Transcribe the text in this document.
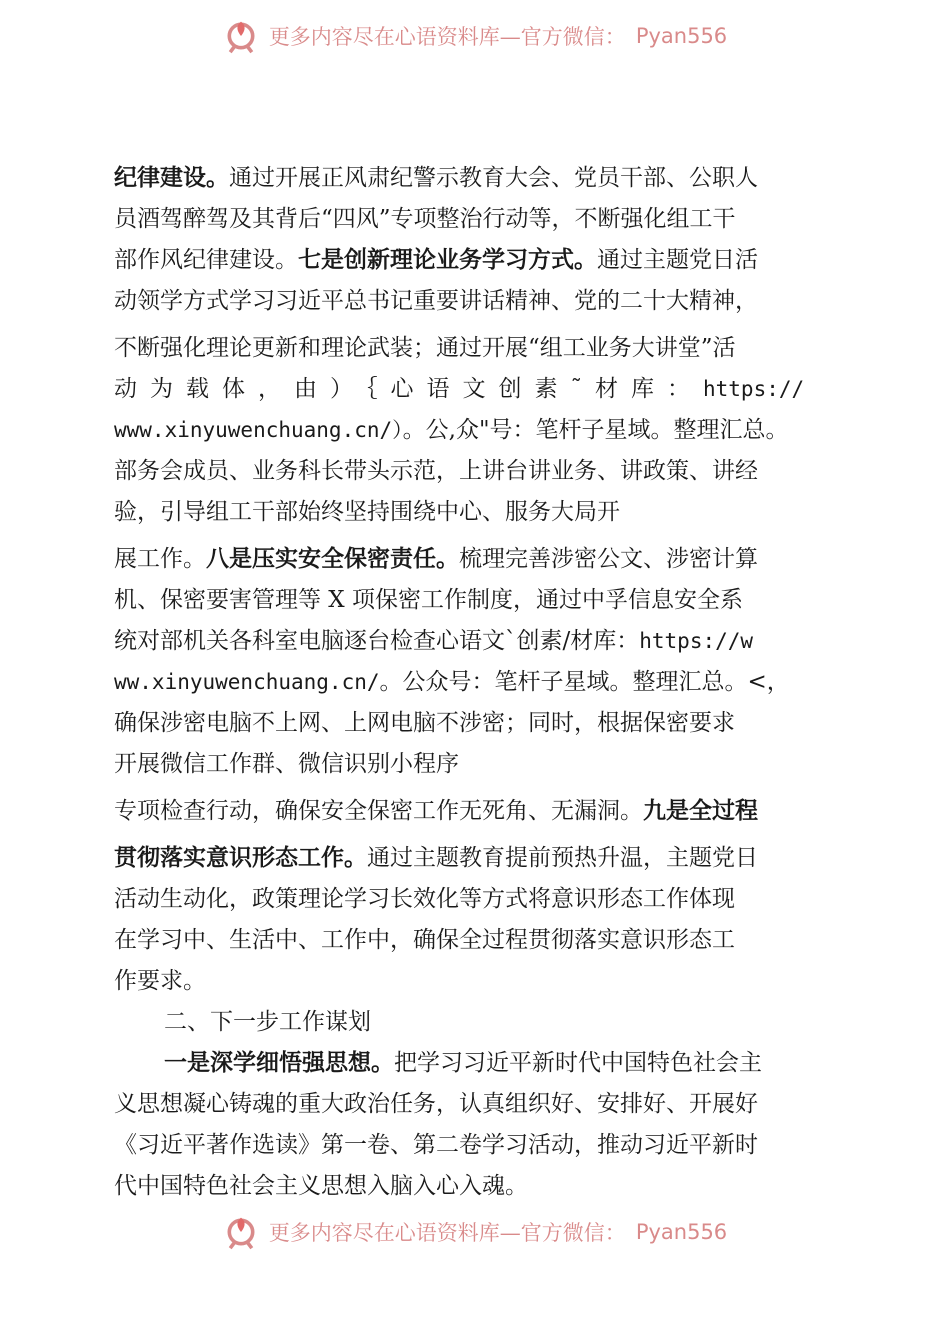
更多内容尽在心语资料库—官方微信： Pyan556

纪律建设。通过开展正风肃纪警示教育大会、党员干部、公职人

员酒驾醉驾及其背后“四风”专项整治行动等，不断强化组工干

部作风纪律建设。七是创新理论业务学习方式。通过主题党日活

动领学方式学习习近平总书记重要讲话精神、党的二十大精神，

不断强化理论更新和理论武装；通过开展“组工业务大讲堂”活

动为载体，由）｛心语文创素˜材库：https://

www.xinyuwenchuang.cn/）。公,众"号：笔杆子星域。整理汇总。

部务会成员、业务科长带头示范，上讲台讲业务、讲政策、讲经

验，引导组工干部始终坚持围绕中心、服务大局开

展工作。八是压实安全保密责任。梳理完善涉密公文、涉密计算

机、保密要害管理等 X 项保密工作制度，通过中孚信息安全系

统对部机关各科室电脑逐台检查心语文`创素/材库：https://w

ww.xinyuwenchuang.cn/。公众号：笔杆子星域。整理汇总。<，

确保涉密电脑不上网、上网电脑不涉密；同时，根据保密要求

开展微信工作群、微信识别小程序

专项检查行动，确保安全保密工作无死角、无漏洞。九是全过程

贯彻落实意识形态工作。通过主题教育提前预热升温，主题党日

活动生动化，政策理论学习长效化等方式将意识形态工作体现

在学习中、生活中、工作中，确保全过程贯彻落实意识形态工

作要求。

二、下一步工作谋划

一是深学细悟强思想。把学习习近平新时代中国特色社会主

义思想凝心铸魂的重大政治任务，认真组织好、安排好、开展好

《习近平著作选读》第一卷、第二卷学习活动，推动习近平新时

代中国特色社会主义思想入脑入心入魂。

更多内容尽在心语资料库—官方微信： Pyan556
